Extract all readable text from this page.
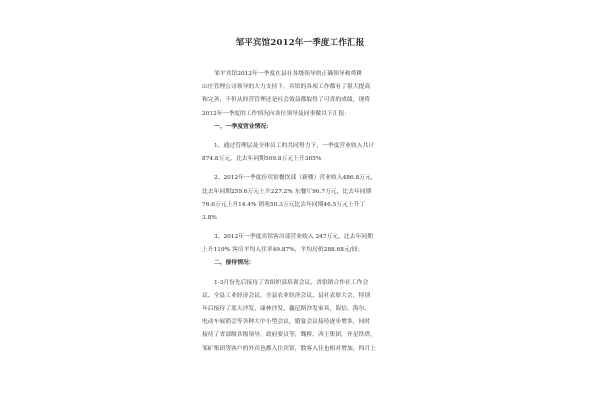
邹平宾馆2012年一季度工作汇报
邹平宾馆2012年一季度在县社各级领导的正确领导和舜耕
山庄管理公司领导的大力支持下，宾馆的各项工作都有了很大提高
和完善，不但从经营管理还是社会效益都取得了可喜的成绩，现将
2012年一季度的工作情况向各位领导及同事做以下汇报：
一、一季度营业情况：
1、通过管理层及全体员工的共同努力下，一季度营业收入共计
874.8万元，比去年同期509.8万元上升365%
2、2012年一季度份宾馆餐饮部（新楼）营业收入486.8万元，
比去年同期259.6万元上升227.2% 东餐厅90.7万元，比去年同期
76.6万元上升14.4% 销苑50.3万元比去年同期46.5万元上升了
3.8%
3、2012年一季度宾馆客房部营业收入 247万元，比去年同期
上升119% 客房平均入住率49.87%，平均房价288.68元/间；
二、接待情况：
1-3月份先后接待了省组织部培训会议、省供销合作社工作会
议、全县工业经济会议、全县农业经济会议、县社表彰大会，特别
年后接待了蓝天沙发、康林沙发、鑫尼斯沙发家具，海信、海尔、
电动车展销会等各种大中小型会议，婚宴会议接待逐步增多，同时
接待了省部级各级领导，政府要员等，魏桥、西王集团，齐星铁塔，
邹矿集团等客户的外宾也都入住宾馆，散客入住也相对增加，四月上
